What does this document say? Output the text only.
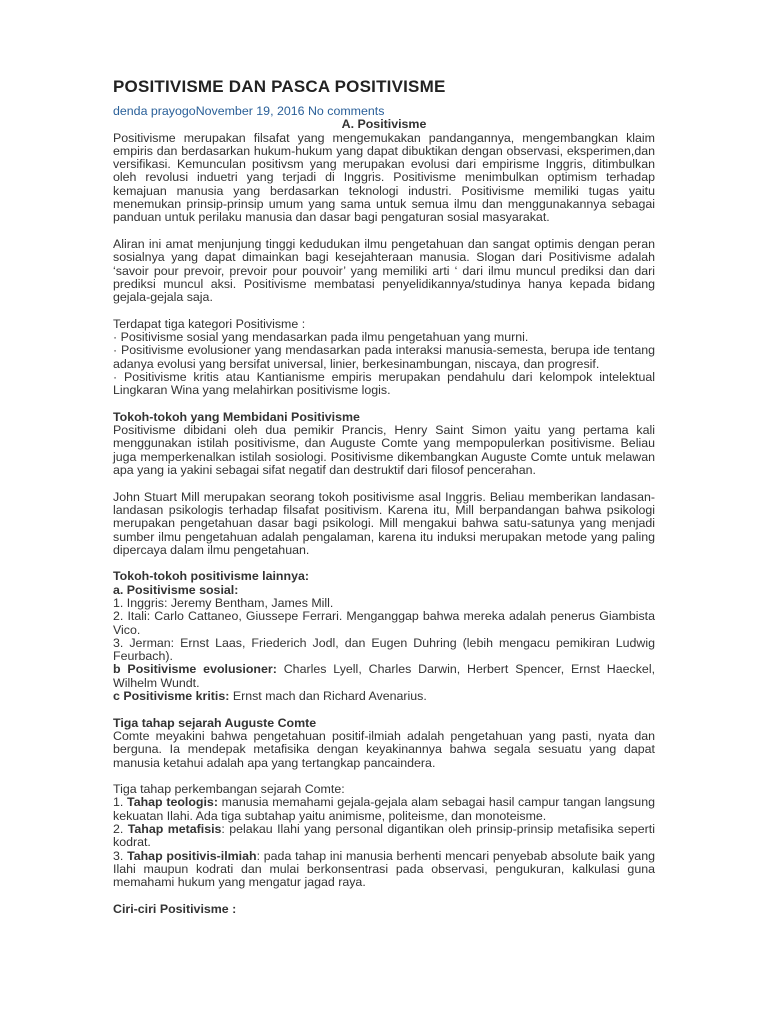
POSITIVISME DAN PASCA POSITIVISME
denda prayogoNovember 19, 2016 No comments
A. Positivisme

Positivisme merupakan filsafat yang mengemukakan pandangannya, mengembangkan klaim empiris dan berdasarkan hukum-hukum yang dapat dibuktikan dengan observasi, eksperimen,dan versifikasi. Kemunculan positivsm yang merupakan evolusi dari empirisme Inggris, ditimbulkan oleh revolusi induetri yang terjadi di Inggris. Positivisme menimbulkan optimism terhadap kemajuan manusia yang berdasarkan teknologi industri. Positivisme memiliki tugas yaitu menemukan prinsip-prinsip umum yang sama untuk semua ilmu dan menggunakannya sebagai panduan untuk perilaku manusia dan dasar bagi pengaturan sosial masyarakat.

Aliran ini amat menjunjung tinggi kedudukan ilmu pengetahuan dan sangat optimis dengan peran sosialnya yang dapat dimainkan bagi kesejahteraan manusia. Slogan dari Positivisme adalah ‘savoir pour prevoir, prevoir pour pouvoir’ yang memiliki arti ‘ dari ilmu muncul prediksi dan dari prediksi muncul aksi. Positivisme membatasi penyelidikannya/studinya hanya kepada bidang gejala-gejala saja.

Terdapat tiga kategori Positivisme :

· Positivisme sosial yang mendasarkan pada ilmu pengetahuan yang murni.

· Positivisme evolusioner yang mendasarkan pada interaksi manusia-semesta, berupa ide tentang adanya evolusi yang bersifat universal, linier, berkesinambungan, niscaya, dan progresif.

· Positivisme kritis atau Kantianisme empiris merupakan pendahulu dari kelompok intelektual Lingkaran Wina yang melahirkan positivisme logis.

Tokoh-tokoh yang Membidani Positivisme

Positivisme dibidani oleh dua pemikir Prancis, Henry Saint Simon yaitu yang pertama kali menggunakan istilah positivisme, dan Auguste Comte yang mempopulerkan positivisme. Beliau juga memperkenalkan istilah sosiologi. Positivisme dikembangkan Auguste Comte untuk melawan apa yang ia yakini sebagai sifat negatif dan destruktif dari filosof pencerahan.

John Stuart Mill merupakan seorang tokoh positivisme asal Inggris. Beliau memberikan landasan-landasan psikologis terhadap filsafat positivism. Karena itu, Mill berpandangan bahwa psikologi merupakan pengetahuan dasar bagi psikologi. Mill mengakui bahwa satu-satunya yang menjadi sumber ilmu pengetahuan adalah pengalaman, karena itu induksi merupakan metode yang paling dipercaya dalam ilmu pengetahuan.

Tokoh-tokoh positivisme lainnya:

a. Positivisme sosial:

1. Inggris: Jeremy Bentham, James Mill.

2. Itali: Carlo Cattaneo, Giussepe Ferrari. Menganggap bahwa mereka adalah penerus Giambista Vico.

3. Jerman: Ernst Laas, Friederich Jodl, dan Eugen Duhring (lebih mengacu pemikiran Ludwig Feurbach).

b Positivisme evolusioner: Charles Lyell, Charles Darwin, Herbert Spencer, Ernst Haeckel, Wilhelm Wundt.

c Positivisme kritis: Ernst mach dan Richard Avenarius.

Tiga tahap sejarah Auguste Comte

Comte meyakini bahwa pengetahuan positif-ilmiah adalah pengetahuan yang pasti, nyata dan berguna. Ia mendepak metafisika dengan keyakinannya bahwa segala sesuatu yang dapat manusia ketahui adalah apa yang tertangkap pancaindera.

Tiga tahap perkembangan sejarah Comte:

1. Tahap teologis: manusia memahami gejala-gejala alam sebagai hasil campur tangan langsung kekuatan Ilahi. Ada tiga subtahap yaitu animisme, politeisme, dan monoteisme.

2. Tahap metafisis: pelakau Ilahi yang personal digantikan oleh prinsip-prinsip metafisika seperti kodrat.

3. Tahap positivis-ilmiah: pada tahap ini manusia berhenti mencari penyebab absolute baik yang Ilahi maupun kodrati dan mulai berkonsentrasi pada observasi, pengukuran, kalkulasi guna memahami hukum yang mengatur jagad raya.

Ciri-ciri Positivisme :
